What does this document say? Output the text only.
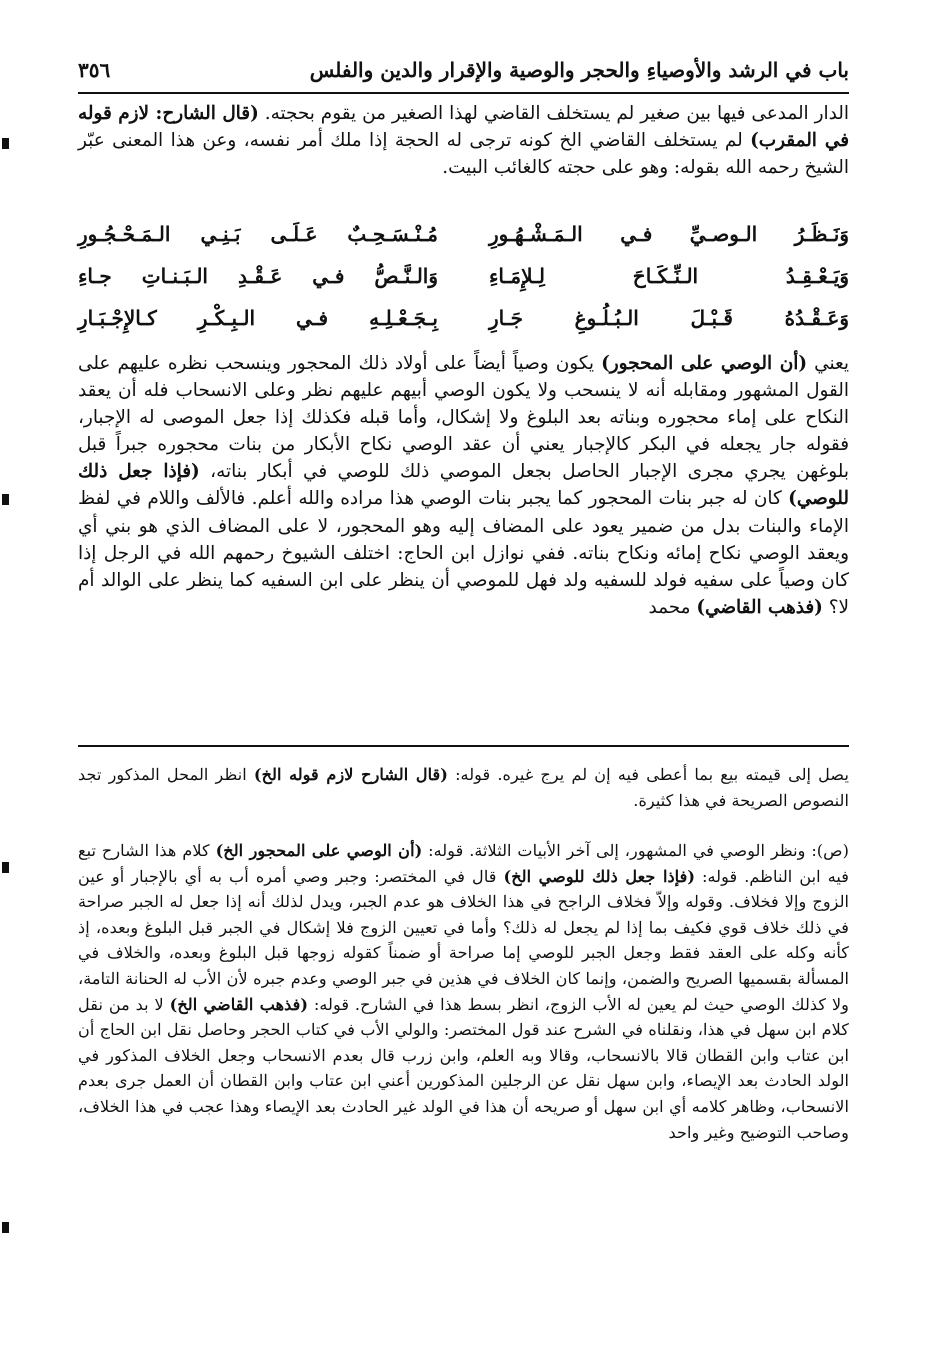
باب في الرشد والأوصياءِ والحجر والوصية والإقرار والدين والفلس
٣٥٦
الدار المدعى فيها بين صغير لم يستخلف القاضي لهذا الصغير من يقوم بحجته. (قال الشارح: لازم قوله في المقرب) لم يستخلف القاضي الخ كونه ترجى له الحجة إذا ملك أمر نفسه، وعن هذا المعنى عبّر الشيخ رحمه الله بقوله: وهو على حجته كالغائب البيت.
وَنَـظَـرُ الـوصـيِّ فـي الـمَـشْـهُـورِ
مُـنْـسَـحِـبٌ عَـلَـى بَـنِـي الـمَـحْـجُـورِ
وَيَـعْـقِـدُ الـنِّـكَـاحَ لِـلإِمَـاءِ
وَالـنَّـصُّ فـي عَـقْـدِ الـبَـنـاتِ جـاءِ
وَعَـقْـدُهُ قَـبْـلَ الـبُـلُـوغِ جَـارِ
بِـجَـعْـلِـهِ فـي الـبِـكْـرِ كـالإِجْـبَـارِ
يعني (أن الوصي على المحجور) يكون وصياً أيضاً على أولاد ذلك المحجور وينسحب نظره عليهم على القول المشهور ومقابله أنه لا ينسحب ولا يكون الوصي أبيهم عليهم نظر وعلى الانسحاب فله أن يعقد النكاح على إماء محجوره وبناته بعد البلوغ ولا إشكال، وأما قبله فكذلك إذا جعل الموصى له الإجبار، فقوله جار يجعله في البكر كالإجبار يعني أن عقد الوصي نكاح الأبكار من بنات محجوره جبراً قبل بلوغهن يجري مجرى الإجبار الحاصل بجعل الموصي ذلك للوصي في أبكار بناته، (فإذا جعل ذلك للوصي) كان له جبر بنات المحجور كما يجبر بنات الوصي هذا مراده والله أعلم. فالألف واللام في لفظ الإماء والبنات بدل من ضمير يعود على المضاف إليه وهو المحجور، لا على المضاف الذي هو بني أي ويعقد الوصي نكاح إمائه ونكاح بناته. ففي نوازل ابن الحاج: اختلف الشيوخ رحمهم الله في الرجل إذا كان وصياً على سفيه فولد للسفيه ولد فهل للموصي أن ينظر على ابن السفيه كما ينظر على الوالد أم لا؟ (فذهب القاضي) محمد
يصل إلى قيمته بيع بما أعطى فيه إن لم يرج غيره. قوله: (قال الشارح لازم قوله الخ) انظر المحل المذكور تجد النصوص الصريحة في هذا كثيرة.
(ص): ونظر الوصي في المشهور، إلى آخر الأبيات الثلاثة. قوله: (أن الوصي على المحجور الخ) كلام هذا الشارح تبع فيه ابن الناظم. قوله: (فإذا جعل ذلك للوصي الخ) قال في المختصر: وجبر وصي أمره أب به أي بالإجبار أو عين الزوج وإلا فخلاف. وقوله وإلاّ فخلاف الراجح في هذا الخلاف هو عدم الجبر، ويدل لذلك أنه إذا جعل له الجبر صراحة في ذلك خلاف قوي فكيف بما إذا لم يجعل له ذلك؟ وأما في تعيين الزوج فلا إشكال في الجبر قبل البلوغ وبعده، إذ كأنه وكله على العقد فقط وجعل الجبر للوصي إما صراحة أو ضمناً كقوله زوجها قبل البلوغ وبعده، والخلاف في المسألة بقسميها الصريح والضمن، وإنما كان الخلاف في هذين في جبر الوصي وعدم جبره لأن الأب له الحنانة التامة، ولا كذلك الوصي حيث لم يعين له الأب الزوج، انظر بسط هذا في الشارح. قوله: (فذهب القاضي الخ) لا بد من نقل كلام ابن سهل في هذا، ونقلناه في الشرح عند قول المختصر: والولي الأب في كتاب الحجر وحاصل نقل ابن الحاج أن ابن عتاب وابن القطان قالا بالانسحاب، وقالا وبه العلم، وابن زرب قال بعدم الانسحاب وجعل الخلاف المذكور في الولد الحادث بعد الإيصاء، وابن سهل نقل عن الرجلين المذكورين أعني ابن عتاب وابن القطان أن العمل جرى بعدم الانسحاب، وظاهر كلامه أي ابن سهل أو صريحه أن هذا في الولد غير الحادث بعد الإيصاء وهذا عجب في هذا الخلاف، وصاحب التوضيح وغير واحد
